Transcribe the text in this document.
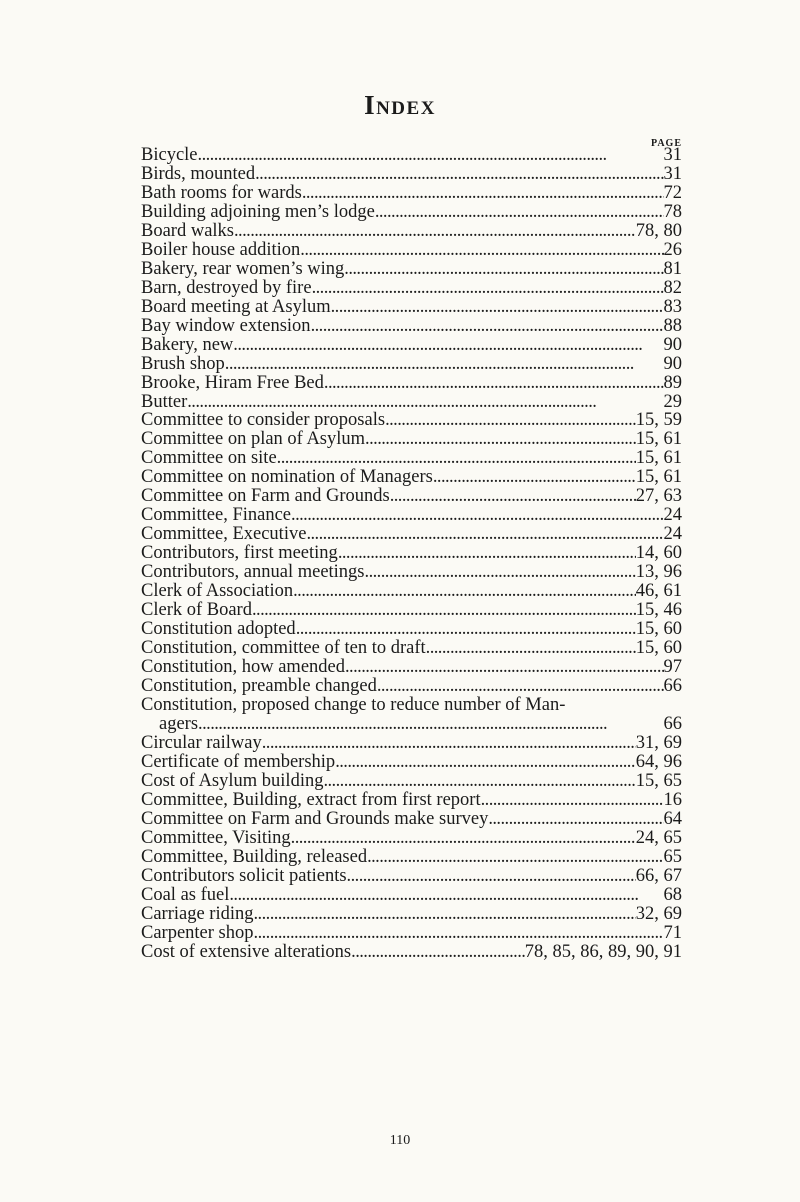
Index
PAGE
Bicycle . . .	31
Birds, mounted . . .	31
Bath rooms for wards . . .	72
Building adjoining men’s lodge . . .	78
Board walks . . .	78, 80
Boiler house addition . . .	26
Bakery, rear women’s wing . . .	81
Barn, destroyed by fire . . .	82
Board meeting at Asylum . . .	83
Bay window extension . . .	88
Bakery, new . . .	90
Brush shop . . .	90
Brooke, Hiram Free Bed . . .	89
Butter . . .	29
Committee to consider proposals . . .	15, 59
Committee on plan of Asylum . . .	15, 61
Committee on site . . .	15, 61
Committee on nomination of Managers . . .	15, 61
Committee on Farm and Grounds . . .	27, 63
Committee, Finance . . .	24
Committee, Executive . . .	24
Contributors, first meeting . . .	14, 60
Contributors, annual meetings . . .	13, 96
Clerk of Association . . .	46, 61
Clerk of Board . . .	15, 46
Constitution adopted . . .	15, 60
Constitution, committee of ten to draft . . .	15, 60
Constitution, how amended . . .	97
Constitution, preamble changed . . .	66
Constitution, proposed change to reduce number of Man-
agers . . .	66
Circular railway . . .	31, 69
Certificate of membership . . .	64, 96
Cost of Asylum building . . .	15, 65
Committee, Building, extract from first report . . .	16
Committee on Farm and Grounds make survey . . .	64
Committee, Visiting . . .	24, 65
Committee, Building, released . . .	65
Contributors solicit patients . . .	66, 67
Coal as fuel . . .	68
Carriage riding . . .	32, 69
Carpenter shop . . .	71
Cost of extensive alterations . . .	78, 85, 86, 89, 90, 91
110
